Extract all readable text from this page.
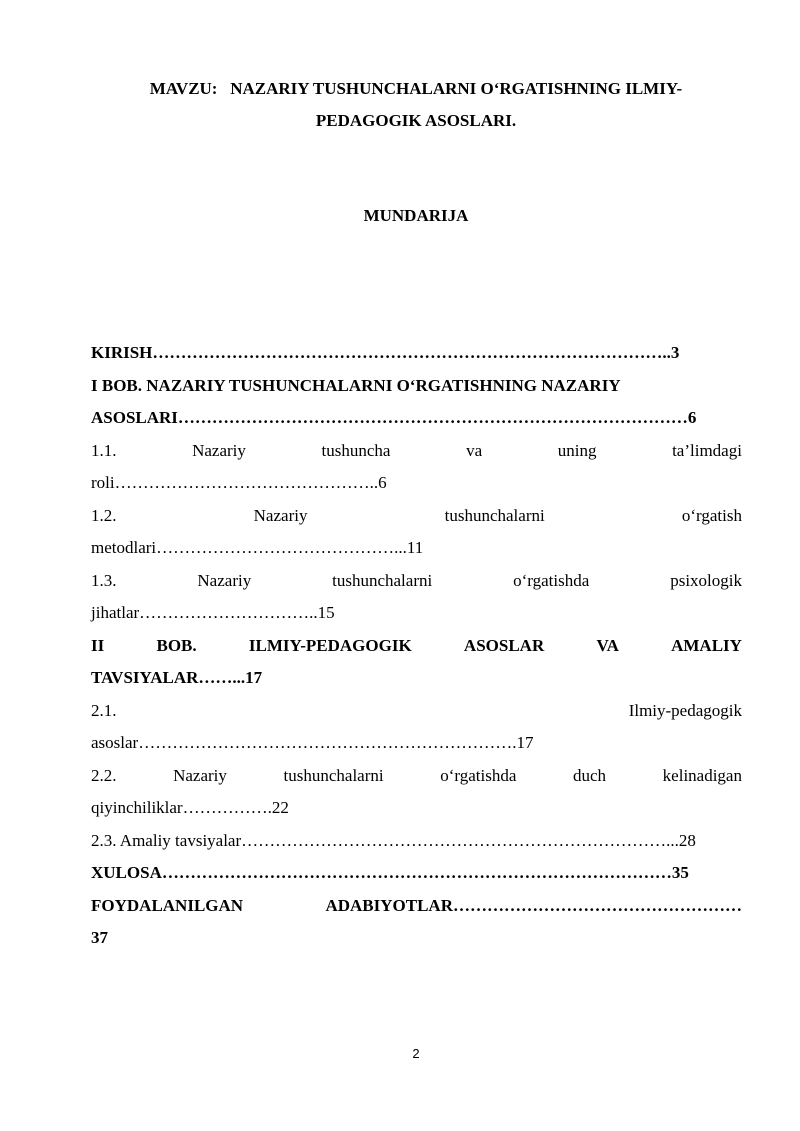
MAVZU:   NAZARIY TUSHUNCHALARNI O‘RGATISHNING ILMIY-
PEDAGOGIK ASOSLARI.
MUNDARIJA
KIRISH………………………………………………………………………………..3
I BOB. NAZARIY TUSHUNCHALARNI O‘RGATISHNING NAZARIY
ASOSLARI………………………………………………………………………………6
1.1.	Nazariy	tushuncha	va	uning	ta’limdagi
roli………………………………………..6
1.2.	Nazariy	tushunchalarni	o‘rgatish
metodlari……………………………………...11
1.3.	Nazariy	tushunchalarni	o‘rgatishda	psixologik
jihatlar…………………………..15
II	BOB.	ILMIY-PEDAGOGIK	ASOSLAR	VA	AMALIY
TAVSIYALAR……...17
2.1.	Ilmiy-pedagogik
asoslar………………………………………………………….17
2.2.	Nazariy	tushunchalarni	o‘rgatishda	duch	kelinadigan
qiyinchiliklar…………….22
2.3. Amaliy tavsiyalar…………………………………………………………………...28
XULOSA………………………………………………………………………………35
FOYDALANILGAN	ADABIYOTLAR……………………………………………
37
2
